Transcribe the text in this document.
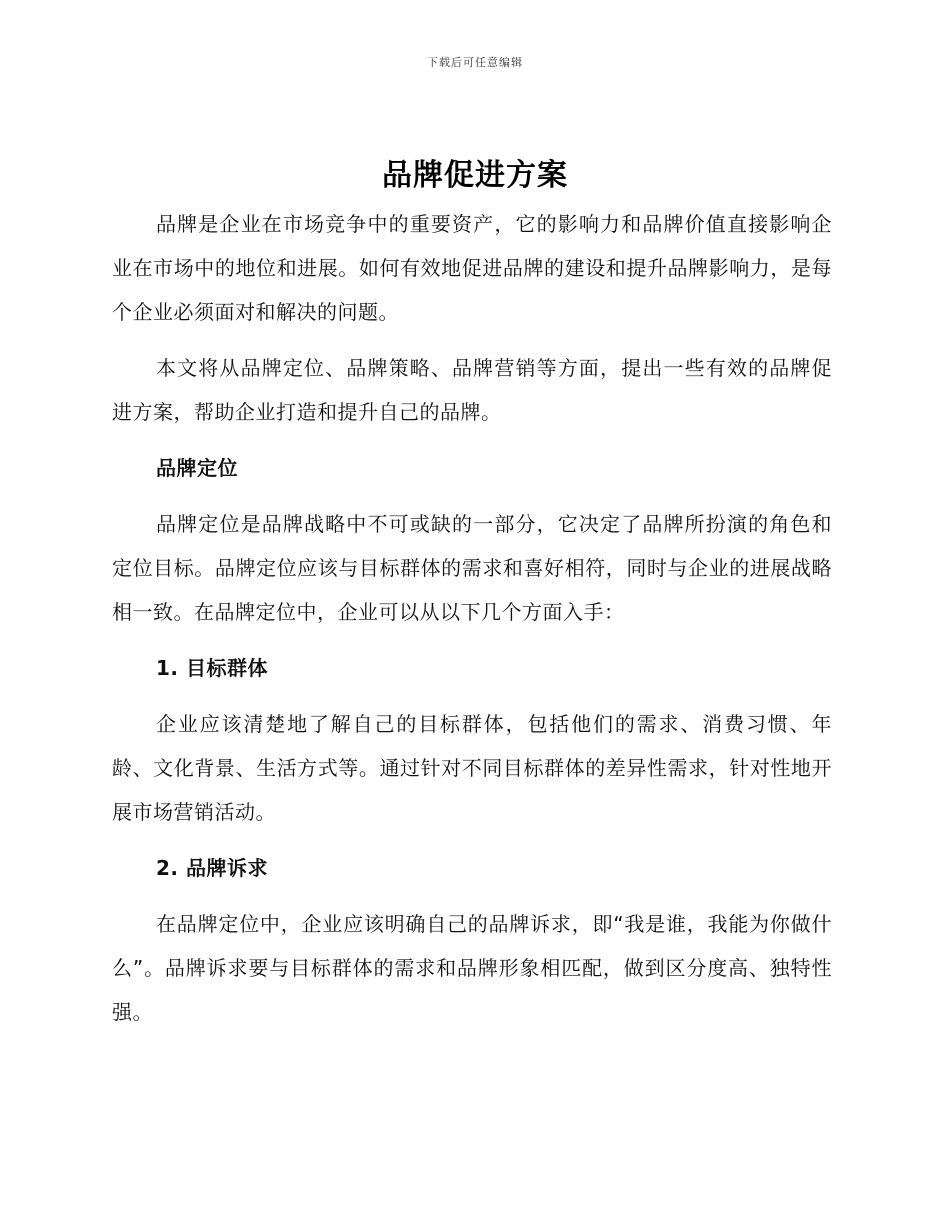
下载后可任意编辑
品牌促进方案

品牌是企业在市场竞争中的重要资产，它的影响力和品牌价值直接影响企业在市场中的地位和进展。如何有效地促进品牌的建设和提升品牌影响力，是每个企业必须面对和解决的问题。

本文将从品牌定位、品牌策略、品牌营销等方面，提出一些有效的品牌促进方案，帮助企业打造和提升自己的品牌。

品牌定位

品牌定位是品牌战略中不可或缺的一部分，它决定了品牌所扮演的角色和定位目标。品牌定位应该与目标群体的需求和喜好相符，同时与企业的进展战略相一致。在品牌定位中，企业可以从以下几个方面入手：

1. 目标群体

企业应该清楚地了解自己的目标群体，包括他们的需求、消费习惯、年龄、文化背景、生活方式等。通过针对不同目标群体的差异性需求，针对性地开展市场营销活动。

2. 品牌诉求

在品牌定位中，企业应该明确自己的品牌诉求，即“我是谁，我能为你做什么”。品牌诉求要与目标群体的需求和品牌形象相匹配，做到区分度高、独特性强。
